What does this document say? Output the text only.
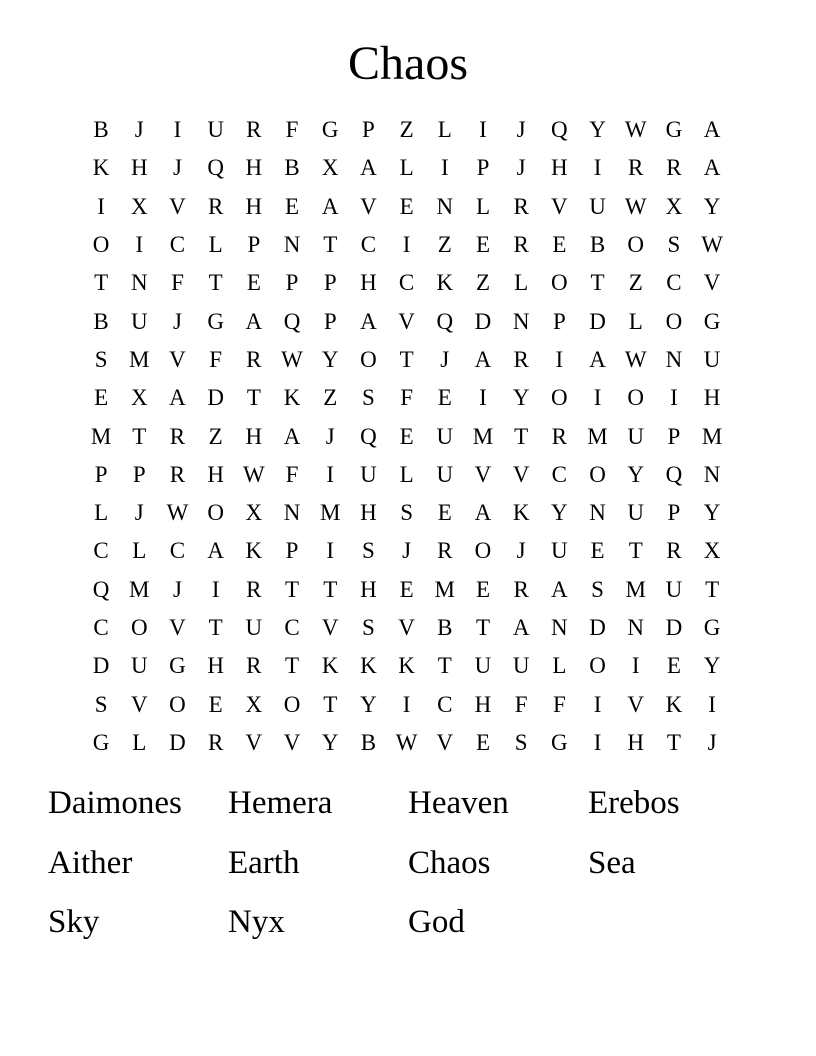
Chaos
B	J	I	U R	F	G	P	Z	L	I	J	Q Y W G A
K H	J	Q H B X A L	I	P	J	H	I	R R A
I	X V R H E A V E N L	R V U W X Y
O	I	C	L	P	N T	C	I	Z	E	R	E	B O	S W
T N	F	T	E	P	P	H C K Z	L O T	Z	C V
B U	J	G A Q	P	A V Q D N	P	D L O G
S M V	F	R W Y O T	J	A R	I	A W N U
E X A D T K Z	S	F	E	I	Y O	I	O	I	H
M T	R	Z H A	J	Q E U M T	R M U	P M
P	P	R H W F	I	U L U V V C O Y Q N
L	J W O X N M H	S	E A K Y N U	P	Y
C	L	C A K	P	I	S	J	R O	J	U E	T	R X
Q M	J	I	R	T	T H E M E	R A	S M U T
C O V T U C V	S	V B	T A N D N D G
D U G H R	T K K K T U U L O	I	E Y
S	V O E X O T Y	I	C H	F	F	I	V K	I
G L D R V V Y B W V E	S	G	I	H T	J
Daimones	Hemera	Heaven	Erebos
Aither	Earth	Chaos	Sea
Sky	Nyx	God
